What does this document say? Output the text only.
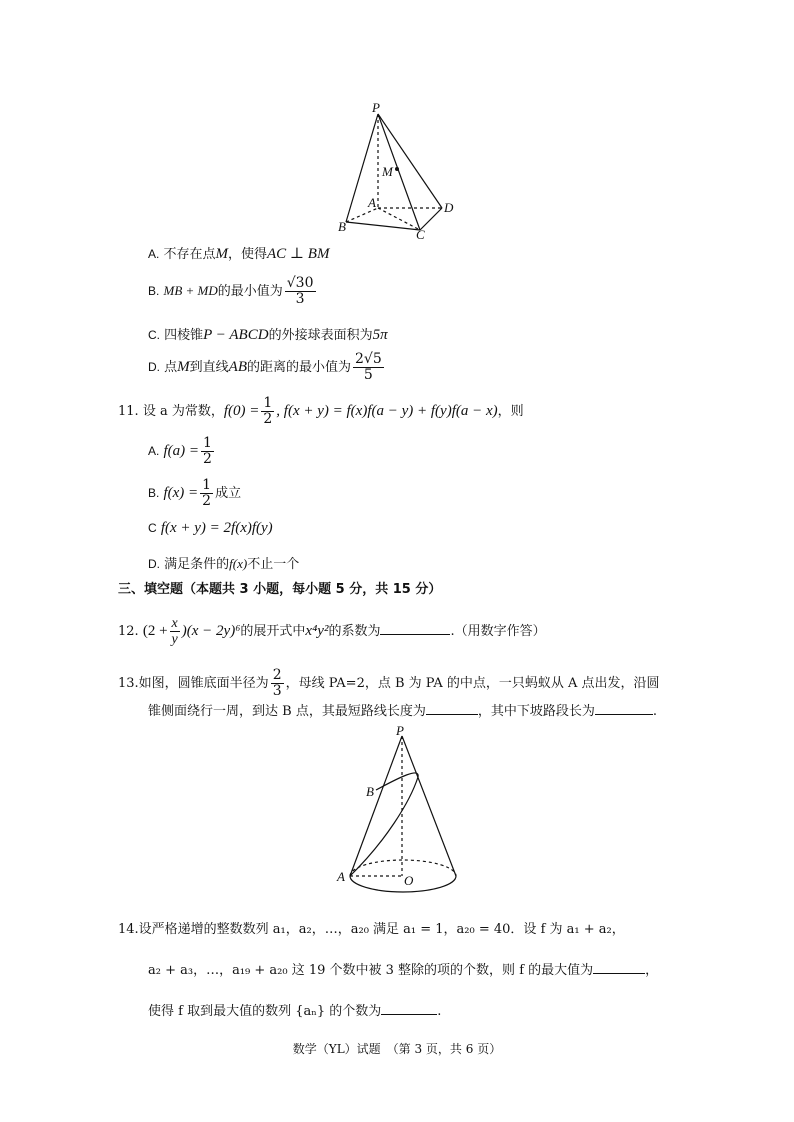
P
M
A
B
C
D
A. 不存在点M，使得AC ⊥ BM
B. MB + MD的最小值为 $\frac{√30}{3}$
C. 四棱锥P − ABCD的外接球表面积为5π
D. 点M到直线AB的距离的最小值为 $\frac{2√5}{5}$
11. 设 a 为常数，$f(0) = \frac{1}{2}$ , f(x + y) = f(x)f(a − y) + f(y)f(a − x)，则
A. $f(a) = \frac{1}{2}$
B. $f(x) = \frac{1}{2}$ 成立
C f(x + y) = 2f(x)f(y)
D. 满足条件的f(x)不止一个
三、填空题（本题共 3 小题，每小题 5 分，共 15 分）
12. $(2 + \frac{x}{y} )(x - 2y)^6$的展开式中x⁴y²的系数为	.（用数字作答）
13.如图，圆锥底面半径为 $\frac{2}{3}$ ，母线 PA=2，点 B 为 PA 的中点，一只蚂蚁从 A 点出发，沿圆
锥侧面绕行一周，到达 B 点，其最短路线长度为	，其中下坡路段长为	.
P
B
A	O
14.设严格递增的整数数列 a₁，a₂，…，a₂₀ 满足 a₁ = 1，a₂₀ = 40．设 f 为 a₁ + a₂，
a₂ + a₃，…，a₁₉ + a₂₀ 这 19 个数中被 3 整除的项的个数，则 f 的最大值为	，
使得 f 取到最大值的数列 {aₙ} 的个数为	.
数学（YL）试题　（第 3 页，共 6 页）
